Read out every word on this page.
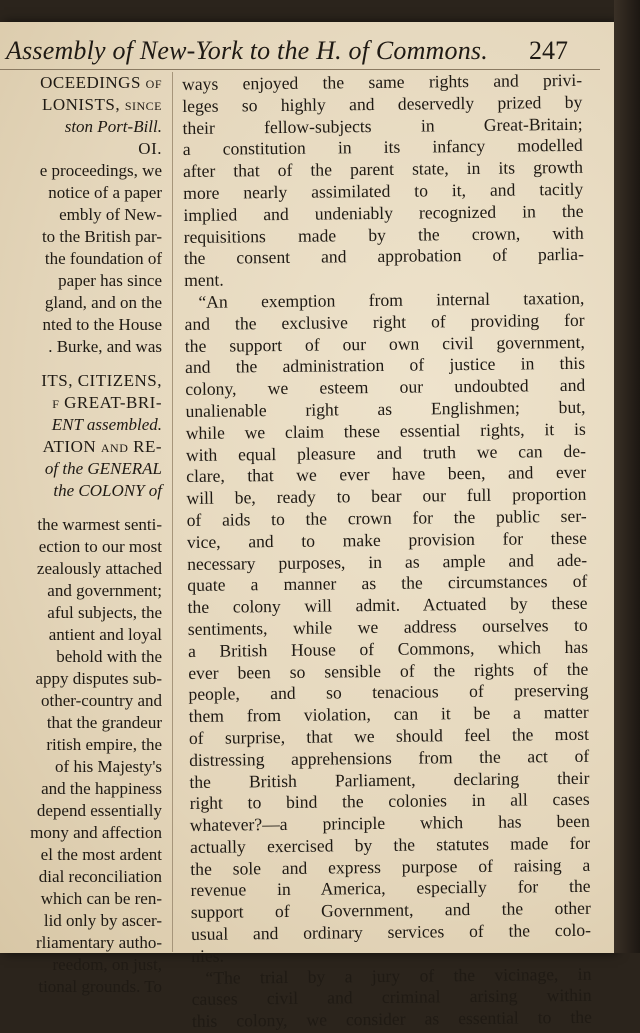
Assembly of New-York to the H. of Commons. 247
OCEEDINGS of
LONISTS, since
ston Port-Bill.
OI.
e proceedings, we
notice of a paper
embly of New-
to the British par-
the foundation of
paper has since
gland, and on the
nted to the House
. Burke, and was
ITS, CITIZENS,
f GREAT-BRI-
ENT assembled.
ATION and RE-
of the GENERAL
the COLONY of
the warmest senti-
ection to our most
zealously attached
and government;
aful subjects, the
antient and loyal
behold with the
appy disputes sub-
other-country and
that the grandeur
ritish empire, the
of his Majesty's
and the happiness
depend essentially
mony and affection
el the most ardent
dial reconciliation
which can be ren-
lid only by ascer-
rliamentary autho-
reedom, on just,
tional grounds. To
ways enjoyed the same rights and privi-
leges so highly and deservedly prized by
their fellow-subjects in Great-Britain;
a constitution in its infancy modelled
after that of the parent state, in its growth
more nearly assimilated to it, and tacitly
implied and undeniably recognized in the
requisitions made by the crown, with
the consent and approbation of parlia-
ment.
“An exemption from internal taxation,
and the exclusive right of providing for
the support of our own civil government,
and the administration of justice in this
colony, we esteem our undoubted and
unalienable right as Englishmen; but,
while we claim these essential rights, it is
with equal pleasure and truth we can de-
clare, that we ever have been, and ever
will be, ready to bear our full proportion
of aids to the crown for the public ser-
vice, and to make provision for these
necessary purposes, in as ample and ade-
quate a manner as the circumstances of
the colony will admit. Actuated by these
sentiments, while we address ourselves to
a British House of Commons, which has
ever been so sensible of the rights of the
people, and so tenacious of preserving
them from violation, can it be a matter
of surprise, that we should feel the most
distressing apprehensions from the act of
the British Parliament, declaring their
right to bind the colonies in all cases
whatever?—a principle which has been
actually exercised by the statutes made for
the sole and express purpose of raising a
revenue in America, especially for the
support of Government, and the other
usual and ordinary services of the colo-
nies.
“The trial by a jury of the vicinage, in
causes civil and criminal arising within
this colony, we consider as essential to the
